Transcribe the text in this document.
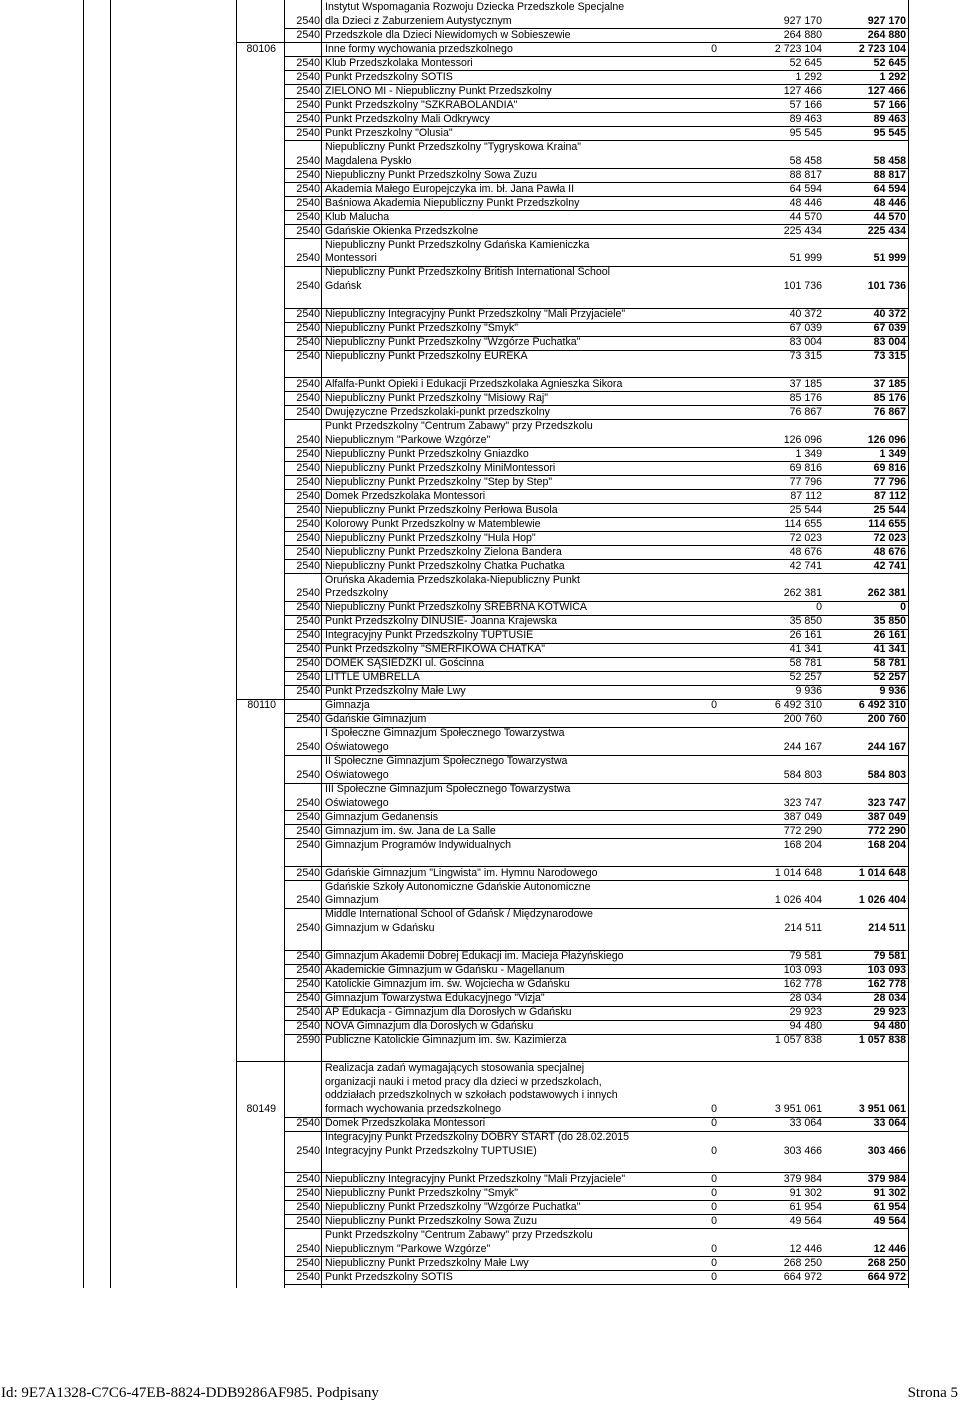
2540
Instytut Wspomagania Rozwoju Dziecka Przedszkole Specjalne
dla Dzieci z Zaburzeniem Autystycznym	927 170	927 170
2540 Przedszkole dla Dzieci Niewidomych w Sobieszewie	264 880	264 880
80106	Inne formy wychowania przedszkolnego	0	2 723 104	2 723 104
2540 Klub Przedszkolaka Montessori	52 645	52 645
2540 Punkt Przedszkolny SOTIS	1 292	1 292
2540 ZIELONO MI - Niepubliczny Punkt Przedszkolny	127 466	127 466
2540 Punkt Przedszkolny "SZKRABOLANDIA"	57 166	57 166
2540 Punkt Przedszkolny Mali Odkrywcy	89 463	89 463
2540 Punkt Przeszkolny "Olusia"	95 545	95 545
2540
Niepubliczny Punkt Przedszkolny "Tygryskowa Kraina"
Magdalena Pyskło	58 458	58 458
2540 Niepubliczny Punkt Przedszkolny Sowa Zuzu	88 817	88 817
2540 Akademia Małego Europejczyka im. bł. Jana Pawła II	64 594	64 594
2540 Baśniowa Akademia Niepubliczny Punkt Przedszkolny	48 446	48 446
2540 Klub Malucha	44 570	44 570
2540 Gdańskie Okienka Przedszkolne	225 434	225 434
2540
Niepubliczny Punkt Przedszkolny Gdańska Kamieniczka
Montessori	51 999	51 999
2540
Niepubliczny Punkt Przedszkolny British International School
Gdańsk	101 736	101 736
2540 Niepubliczny Integracyjny Punkt Przedszkolny "Mali Przyjaciele"	40 372	40 372
2540 Niepubliczny Punkt Przedszkolny "Smyk"	67 039	67 039
2540 Niepubliczny Punkt Przedszkolny "Wzgórze Puchatka"	83 004	83 004
2540 Niepubliczny Punkt Przedszkolny EUREKA	73 315	73 315
2540 Alfalfa-Punkt Opieki i Edukacji Przedszkolaka Agnieszka Sikora	37 185	37 185
2540 Niepubliczny Punkt Przedszkolny "Misiowy Raj"	85 176	85 176
2540 Dwujęzyczne Przedszkolaki-punkt przedszkolny	76 867	76 867
2540
Punkt Przedszkolny "Centrum Zabawy" przy Przedszkolu
Niepublicznym "Parkowe Wzgórze"	126 096	126 096
2540 Niepubliczny Punkt Przedszkolny Gniazdko	1 349	1 349
2540 Niepubliczny Punkt Przedszkolny MiniMontessori	69 816	69 816
2540 Niepubliczny Punkt Przedszkolny "Step by Step"	77 796	77 796
2540 Domek Przedszkolaka Montessori	87 112	87 112
2540 Niepubliczny Punkt Przedszkolny Perłowa Busola	25 544	25 544
2540 Kolorowy Punkt Przedszkolny w Matemblewie	114 655	114 655
2540 Niepubliczny Punkt Przedszkolny "Hula Hop"	72 023	72 023
2540 Niepubliczny Punkt Przedszkolny Zielona Bandera	48 676	48 676
2540 Niepubliczny Punkt Przedszkolny Chatka Puchatka	42 741	42 741
2540
Oruńska Akademia Przedszkolaka-Niepubliczny Punkt
Przedszkolny	262 381	262 381
2540 Niepubliczny Punkt Przedszkolny SREBRNA KOTWICA	0	0
2540 Punkt Przedszkolny DINUSIE- Joanna Krajewska	35 850	35 850
2540 Integracyjny Punkt Przedszkolny TUPTUSIE	26 161	26 161
2540 Punkt Przedszkolny "SMERFIKOWA CHATKA"	41 341	41 341
2540 DOMEK SĄSIEDZKI ul. Gościnna	58 781	58 781
2540 LITTLE UMBRELLA	52 257	52 257
2540 Punkt Przedszkolny Małe Lwy	9 936	9 936
80110	Gimnazja	0	6 492 310	6 492 310
2540 Gdańskie Gimnazjum	200 760	200 760
2540
I Społeczne Gimnazjum Społecznego Towarzystwa
Oświatowego	244 167	244 167
2540
II Społeczne Gimnazjum Społecznego Towarzystwa
Oświatowego	584 803	584 803
2540
III Społeczne Gimnazjum Społecznego Towarzystwa
Oświatowego	323 747	323 747
2540 Gimnazjum Gedanensis	387 049	387 049
2540 Gimnazjum im. św. Jana de La Salle	772 290	772 290
2540 Gimnazjum Programów Indywidualnych	168 204	168 204
2540 Gdańskie Gimnazjum "Lingwista" im. Hymnu Narodowego	1 014 648	1 014 648
2540
Gdańskie Szkoły Autonomiczne Gdańskie Autonomiczne
Gimnazjum	1 026 404	1 026 404
2540
Middle International School of Gdańsk / Międzynarodowe
Gimnazjum w Gdańsku	214 511	214 511
2540 Gimnazjum Akademii Dobrej Edukacji im. Macieja Płażyńskiego	79 581	79 581
2540 Akademickie Gimnazjum w Gdańsku - Magellanum	103 093	103 093
2540 Katolickie Gimnazjum im. św. Wojciecha w Gdańsku	162 778	162 778
2540 Gimnazjum Towarzystwa Edukacyjnego "Vizja"	28 034	28 034
2540 AP Edukacja - Gimnazjum dla Dorosłych w Gdańsku	29 923	29 923
2540 NOVA Gimnazjum dla Dorosłych w Gdańsku	94 480	94 480
2590 Publiczne Katolickie Gimnazjum im. św. Kazimierza	1 057 838	1 057 838
80149
Realizacja zadań wymagających stosowania specjalnej
organizacji nauki i metod pracy dla dzieci w przedszkolach,
oddziałach przedszkolnych w szkołach podstawowych i innych
formach wychowania przedszkolnego	0	3 951 061	3 951 061
2540 Domek Przedszkolaka Montessori	0	33 064	33 064
2540
Integracyjny Punkt Przedszkolny DOBRY START (do 28.02.2015
Integracyjny Punkt Przedszkolny TUPTUSIE)	0	303 466	303 466
2540 Niepubliczny Integracyjny Punkt Przedszkolny "Mali Przyjaciele"	0	379 984	379 984
2540 Niepubliczny Punkt Przedszkolny "Smyk"	0	91 302	91 302
2540 Niepubliczny Punkt Przedszkolny "Wzgórze Puchatka"	0	61 954	61 954
2540 Niepubliczny Punkt Przedszkolny Sowa Zuzu	0	49 564	49 564
2540
Punkt Przedszkolny "Centrum Zabawy" przy Przedszkolu
Niepublicznym "Parkowe Wzgórze"	0	12 446	12 446
2540 Niepubliczny Punkt Przedszkolny Małe Lwy	0	268 250	268 250
2540 Punkt Przedszkolny SOTIS	0	664 972	664 972
Id: 9E7A1328-C7C6-47EB-8824-DDB9286AF985. Podpisany	Strona 5
